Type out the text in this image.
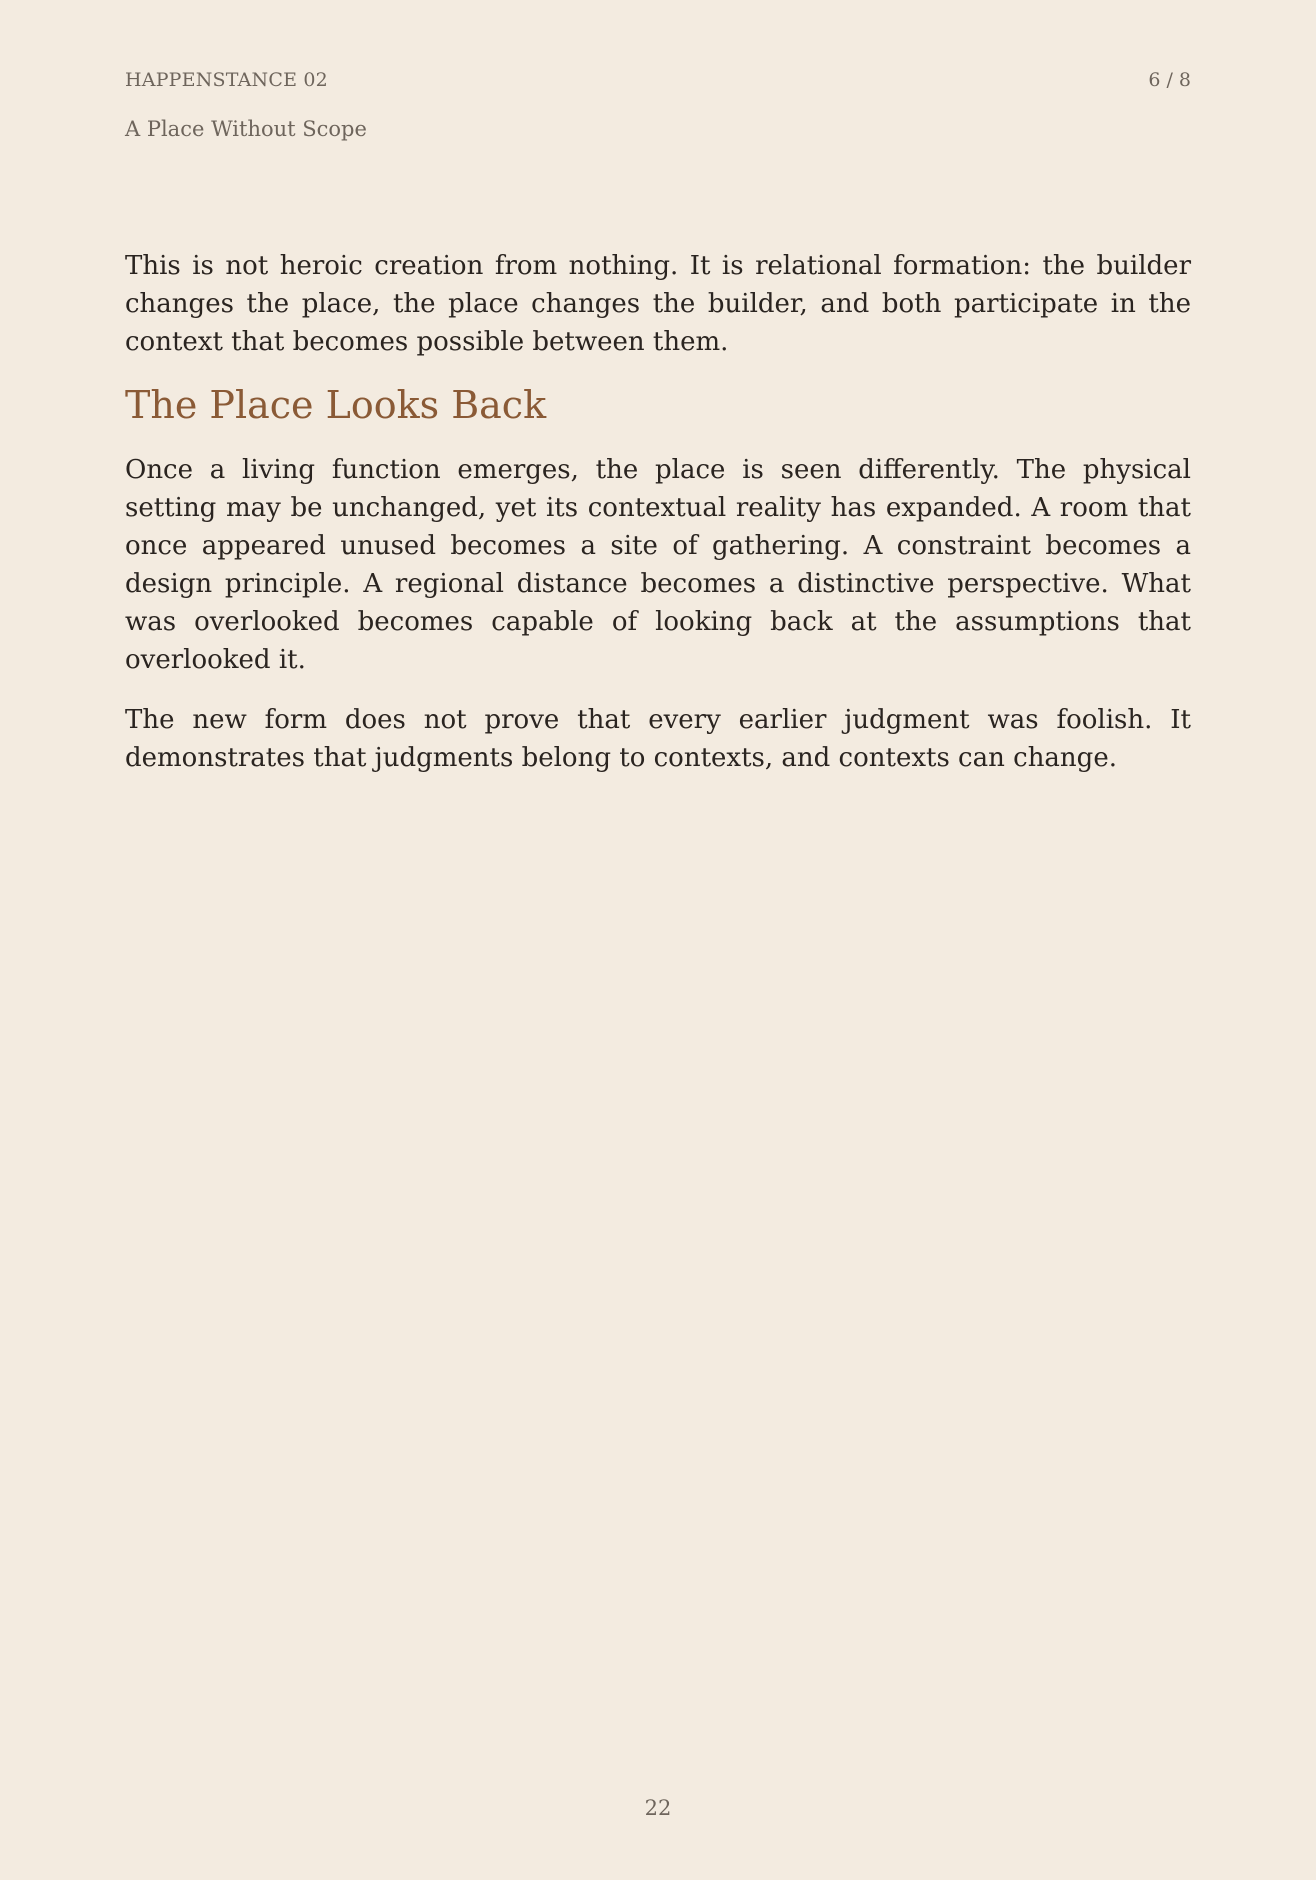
HAPPENSTANCE 02	6 / 8
A Place Without Scope

This is not heroic creation from nothing. It is relational formation: the builder changes the place, the place changes the builder, and both participate in the context that becomes possible between them.

The Place Looks Back

Once a living function emerges, the place is seen differently. The physical setting may be unchanged, yet its contextual reality has expanded. A room that once appeared unused becomes a site of gathering. A constraint becomes a design principle. A regional distance becomes a distinctive perspective. What was overlooked becomes capable of looking back at the assumptions that overlooked it.

The new form does not prove that every earlier judgment was foolish. It demonstrates that judgments belong to contexts, and contexts can change.

22
